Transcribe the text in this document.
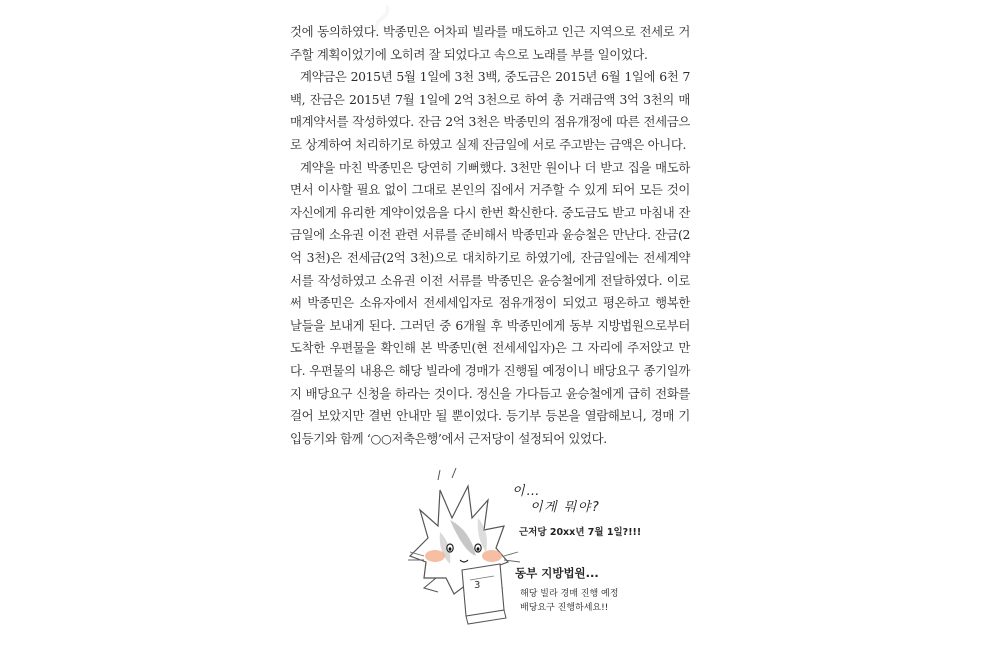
것에 동의하였다. 박종민은 어차피 빌라를 매도하고 인근 지역으로 전세로 거주할 계획이었기에 오히려 잘 되었다고 속으로 노래를 부를 일이었다.

계약금은 2015년 5월 1일에 3천 3백, 중도금은 2015년 6월 1일에 6천 7백, 잔금은 2015년 7월 1일에 2억 3천으로 하여 총 거래금액 3억 3천의 매매계약서를 작성하였다. 잔금 2억 3천은 박종민의 점유개정에 따른 전세금으로 상계하여 처리하기로 하였고 실제 잔금일에 서로 주고받는 금액은 아니다.

계약을 마친 박종민은 당연히 기뻐했다. 3천만 원이나 더 받고 집을 매도하면서 이사할 필요 없이 그대로 본인의 집에서 거주할 수 있게 되어 모든 것이 자신에게 유리한 계약이었음을 다시 한번 확신한다. 중도금도 받고 마침내 잔금일에 소유권 이전 관련 서류를 준비해서 박종민과 윤승철은 만난다. 잔금(2억 3천)은 전세금(2억 3천)으로 대치하기로 하였기에, 잔금일에는 전세계약서를 작성하였고 소유권 이전 서류를 박종민은 윤승철에게 전달하였다. 이로써 박종민은 소유자에서 전세세입자로 점유개정이 되었고 평온하고 행복한 날들을 보내게 된다. 그러던 중 6개월 후 박종민에게 동부 지방법원으로부터 도착한 우편물을 확인해 본 박종민(현 전세세입자)은 그 자리에 주저앉고 만다. 우편물의 내용은 해당 빌라에 경매가 진행될 예정이니 배당요구 종기일까지 배당요구 신청을 하라는 것이다. 정신을 가다듬고 윤승철에게 급히 전화를 걸어 보았지만 결번 안내만 될 뿐이었다. 등기부 등본을 열람해보니, 경매 기입등기와 함께 ‘○○저축은행’에서 근저당이 설정되어 있었다.

3
이…
이게 뭐야?
근저당 20xx년 7월 1일?!!!
동부 지방법원...
해당 빌라 경매 진행 예정
배당요구 진행하세요!!
